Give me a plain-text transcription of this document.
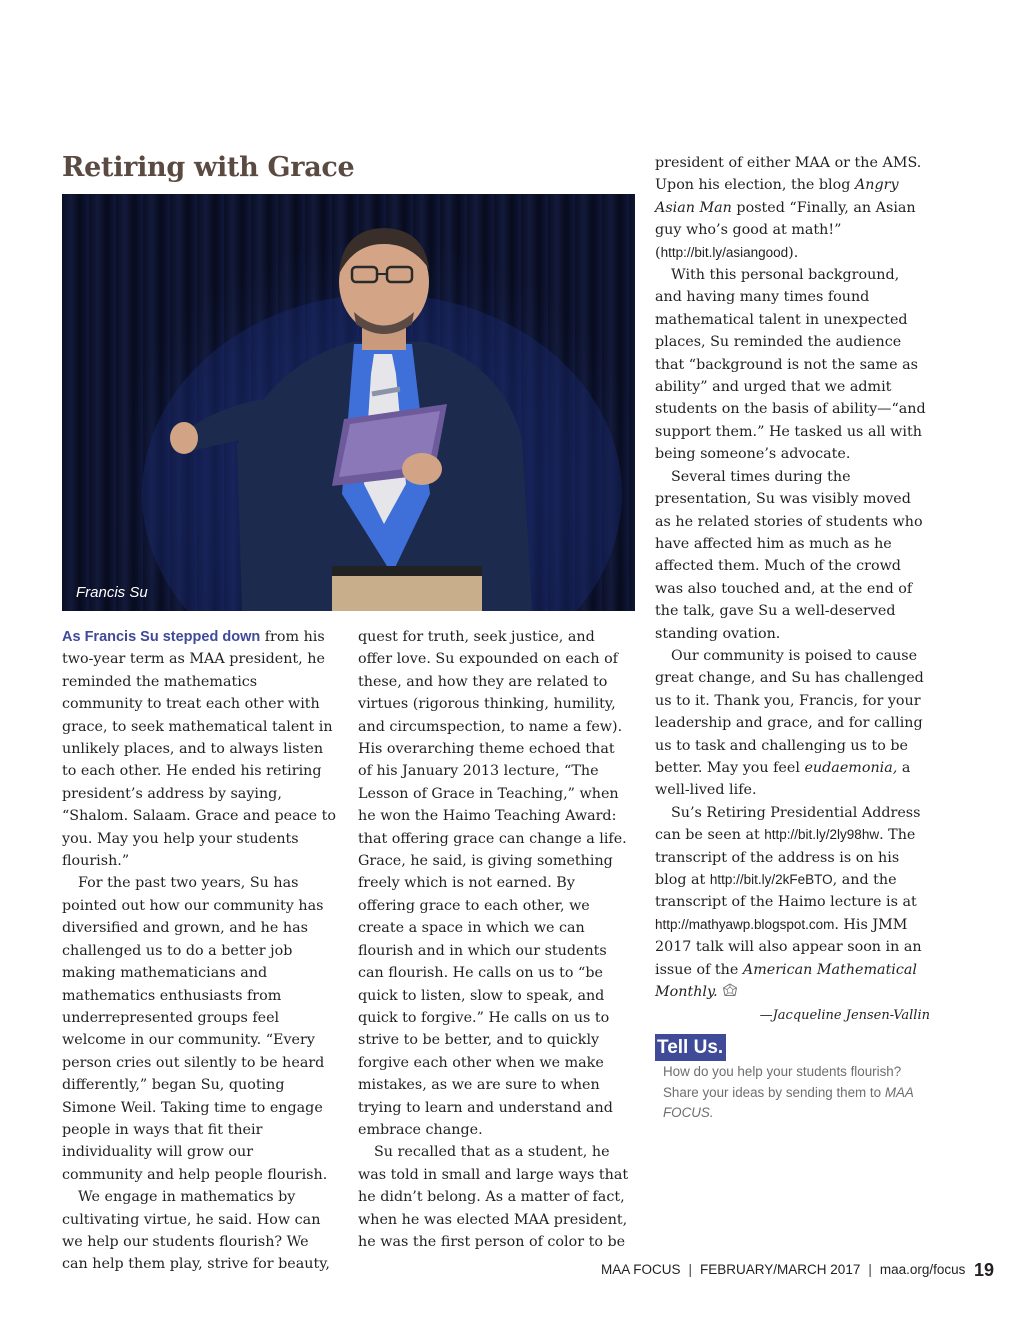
Retiring with Grace
Francis Su

As Francis Su stepped down from his two-year term as MAA president, he reminded the mathematics community to treat each other with grace, to seek mathematical talent in unlikely places, and to always listen to each other. He ended his retiring president’s address by saying, “Shalom. Salaam. Grace and peace to you. May you help your students flourish.”

For the past two years, Su has pointed out how our community has diversified and grown, and he has challenged us to do a better job making mathematicians and mathematics enthusiasts from underrepresented groups feel welcome in our community. “Every person cries out silently to be heard differently,” began Su, quoting Simone Weil. Taking time to engage people in ways that fit their individuality will grow our community and help people flourish.

We engage in mathematics by cultivating virtue, he said. How can we help our students flourish? We can help them play, strive for beauty,

quest for truth, seek justice, and offer love. Su expounded on each of these, and how they are related to virtues (rigorous thinking, humility, and circumspection, to name a few). His overarching theme echoed that of his January 2013 lecture, “The Lesson of Grace in Teaching,” when he won the Haimo Teaching Award: that offering grace can change a life. Grace, he said, is giving something freely which is not earned. By offering grace to each other, we create a space in which we can flourish and in which our students can flourish. He calls on us to “be quick to listen, slow to speak, and quick to forgive.” He calls on us to strive to be better, and to quickly forgive each other when we make mistakes, as we are sure to when trying to learn and understand and embrace change.

Su recalled that as a student, he was told in small and large ways that he didn’t belong. As a matter of fact, when he was elected MAA president, he was the first person of color to be

president of either MAA or the AMS. Upon his election, the blog Angry Asian Man posted “Finally, an Asian guy who’s good at math!” (http://bit.ly/asiangood).

With this personal background, and having many times found mathematical talent in unexpected places, Su reminded the audience that “background is not the same as ability” and urged that we admit students on the basis of ability—“and support them.” He tasked us all with being someone’s advocate.

Several times during the presentation, Su was visibly moved as he related stories of students who have affected him as much as he affected them. Much of the crowd was also touched and, at the end of the talk, gave Su a well-deserved standing ovation.

Our community is poised to cause great change, and Su has challenged us to it. Thank you, Francis, for your leadership and grace, and for calling us to task and challenging us to be better. May you feel eudaemonia, a well-lived life.

Su’s Retiring Presidential Address can be seen at http://bit.ly/2ly98hw. The transcript of the address is on his blog at http://bit.ly/2kFeBTO, and the transcript of the Haimo lecture is at http://mathyawp.blogspot.com. His JMM 2017 talk will also appear soon in an issue of the American Mathematical Monthly.

—Jacqueline Jensen-Vallin

Tell Us.
How do you help your students flourish? Share your ideas by sending them to MAA FOCUS.
MAA FOCUS | FEBRUARY/MARCH 2017 | maa.org/focus 19
